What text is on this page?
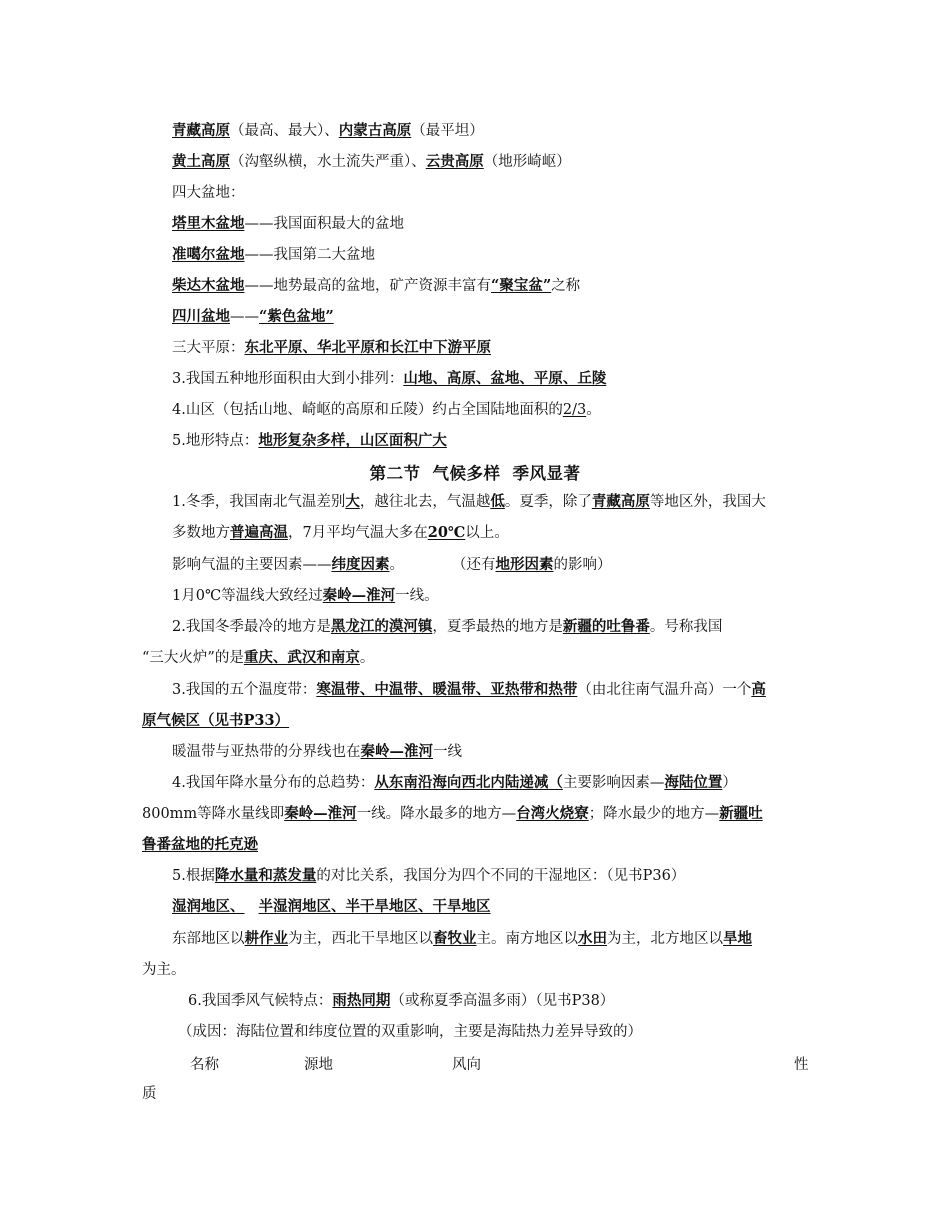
青藏高原（最高、最大）、内蒙古高原（最平坦）
黄土高原（沟壑纵横，水土流失严重）、云贵高原（地形崎岖）
四大盆地：
塔里木盆地——我国面积最大的盆地
准噶尔盆地——我国第二大盆地
柴达木盆地——地势最高的盆地，矿产资源丰富有“聚宝盆”之称
四川盆地——“紫色盆地”
三大平原：东北平原、华北平原和长江中下游平原
3.我国五种地形面积由大到小排列：山地、高原、盆地、平原、丘陵
4.山区（包括山地、崎岖的高原和丘陵）约占全国陆地面积的2/3。
5.地形特点：地形复杂多样，山区面积广大
第二节 气候多样 季风显著
1.冬季，我国南北气温差别大，越往北去，气温越低。夏季，除了青藏高原等地区外，我国大
多数地方普遍高温，7月平均气温大多在20℃以上。
影响气温的主要因素——纬度因素。	（还有地形因素的影响）
1月0℃等温线大致经过秦岭—淮河一线。
2.我国冬季最冷的地方是黑龙江的漠河镇，夏季最热的地方是新疆的吐鲁番。号称我国
“三大火炉”的是重庆、武汉和南京。
3.我国的五个温度带：寒温带、中温带、暖温带、亚热带和热带（由北往南气温升高）一个高
原气候区（见书P33）
暖温带与亚热带的分界线也在秦岭—淮河一线
4.我国年降水量分布的总趋势：从东南沿海向西北内陆递减（主要影响因素—海陆位置）
800mm等降水量线即秦岭—淮河一线。降水最多的地方—台湾火烧寮；降水最少的地方—新疆吐
鲁番盆地的托克逊
5.根据降水量和蒸发量的对比关系，我国分为四个不同的干湿地区：（见书P36）
湿润地区、 半湿润地区、半干旱地区、干旱地区
东部地区以耕作业为主，西北干旱地区以畜牧业主。南方地区以水田为主，北方地区以旱地
为主。
6.我国季风气候特点：雨热同期（或称夏季高温多雨）（见书P38）
（成因：海陆位置和纬度位置的双重影响，主要是海陆热力差异导致的）
名称	源地	风向	性
质
